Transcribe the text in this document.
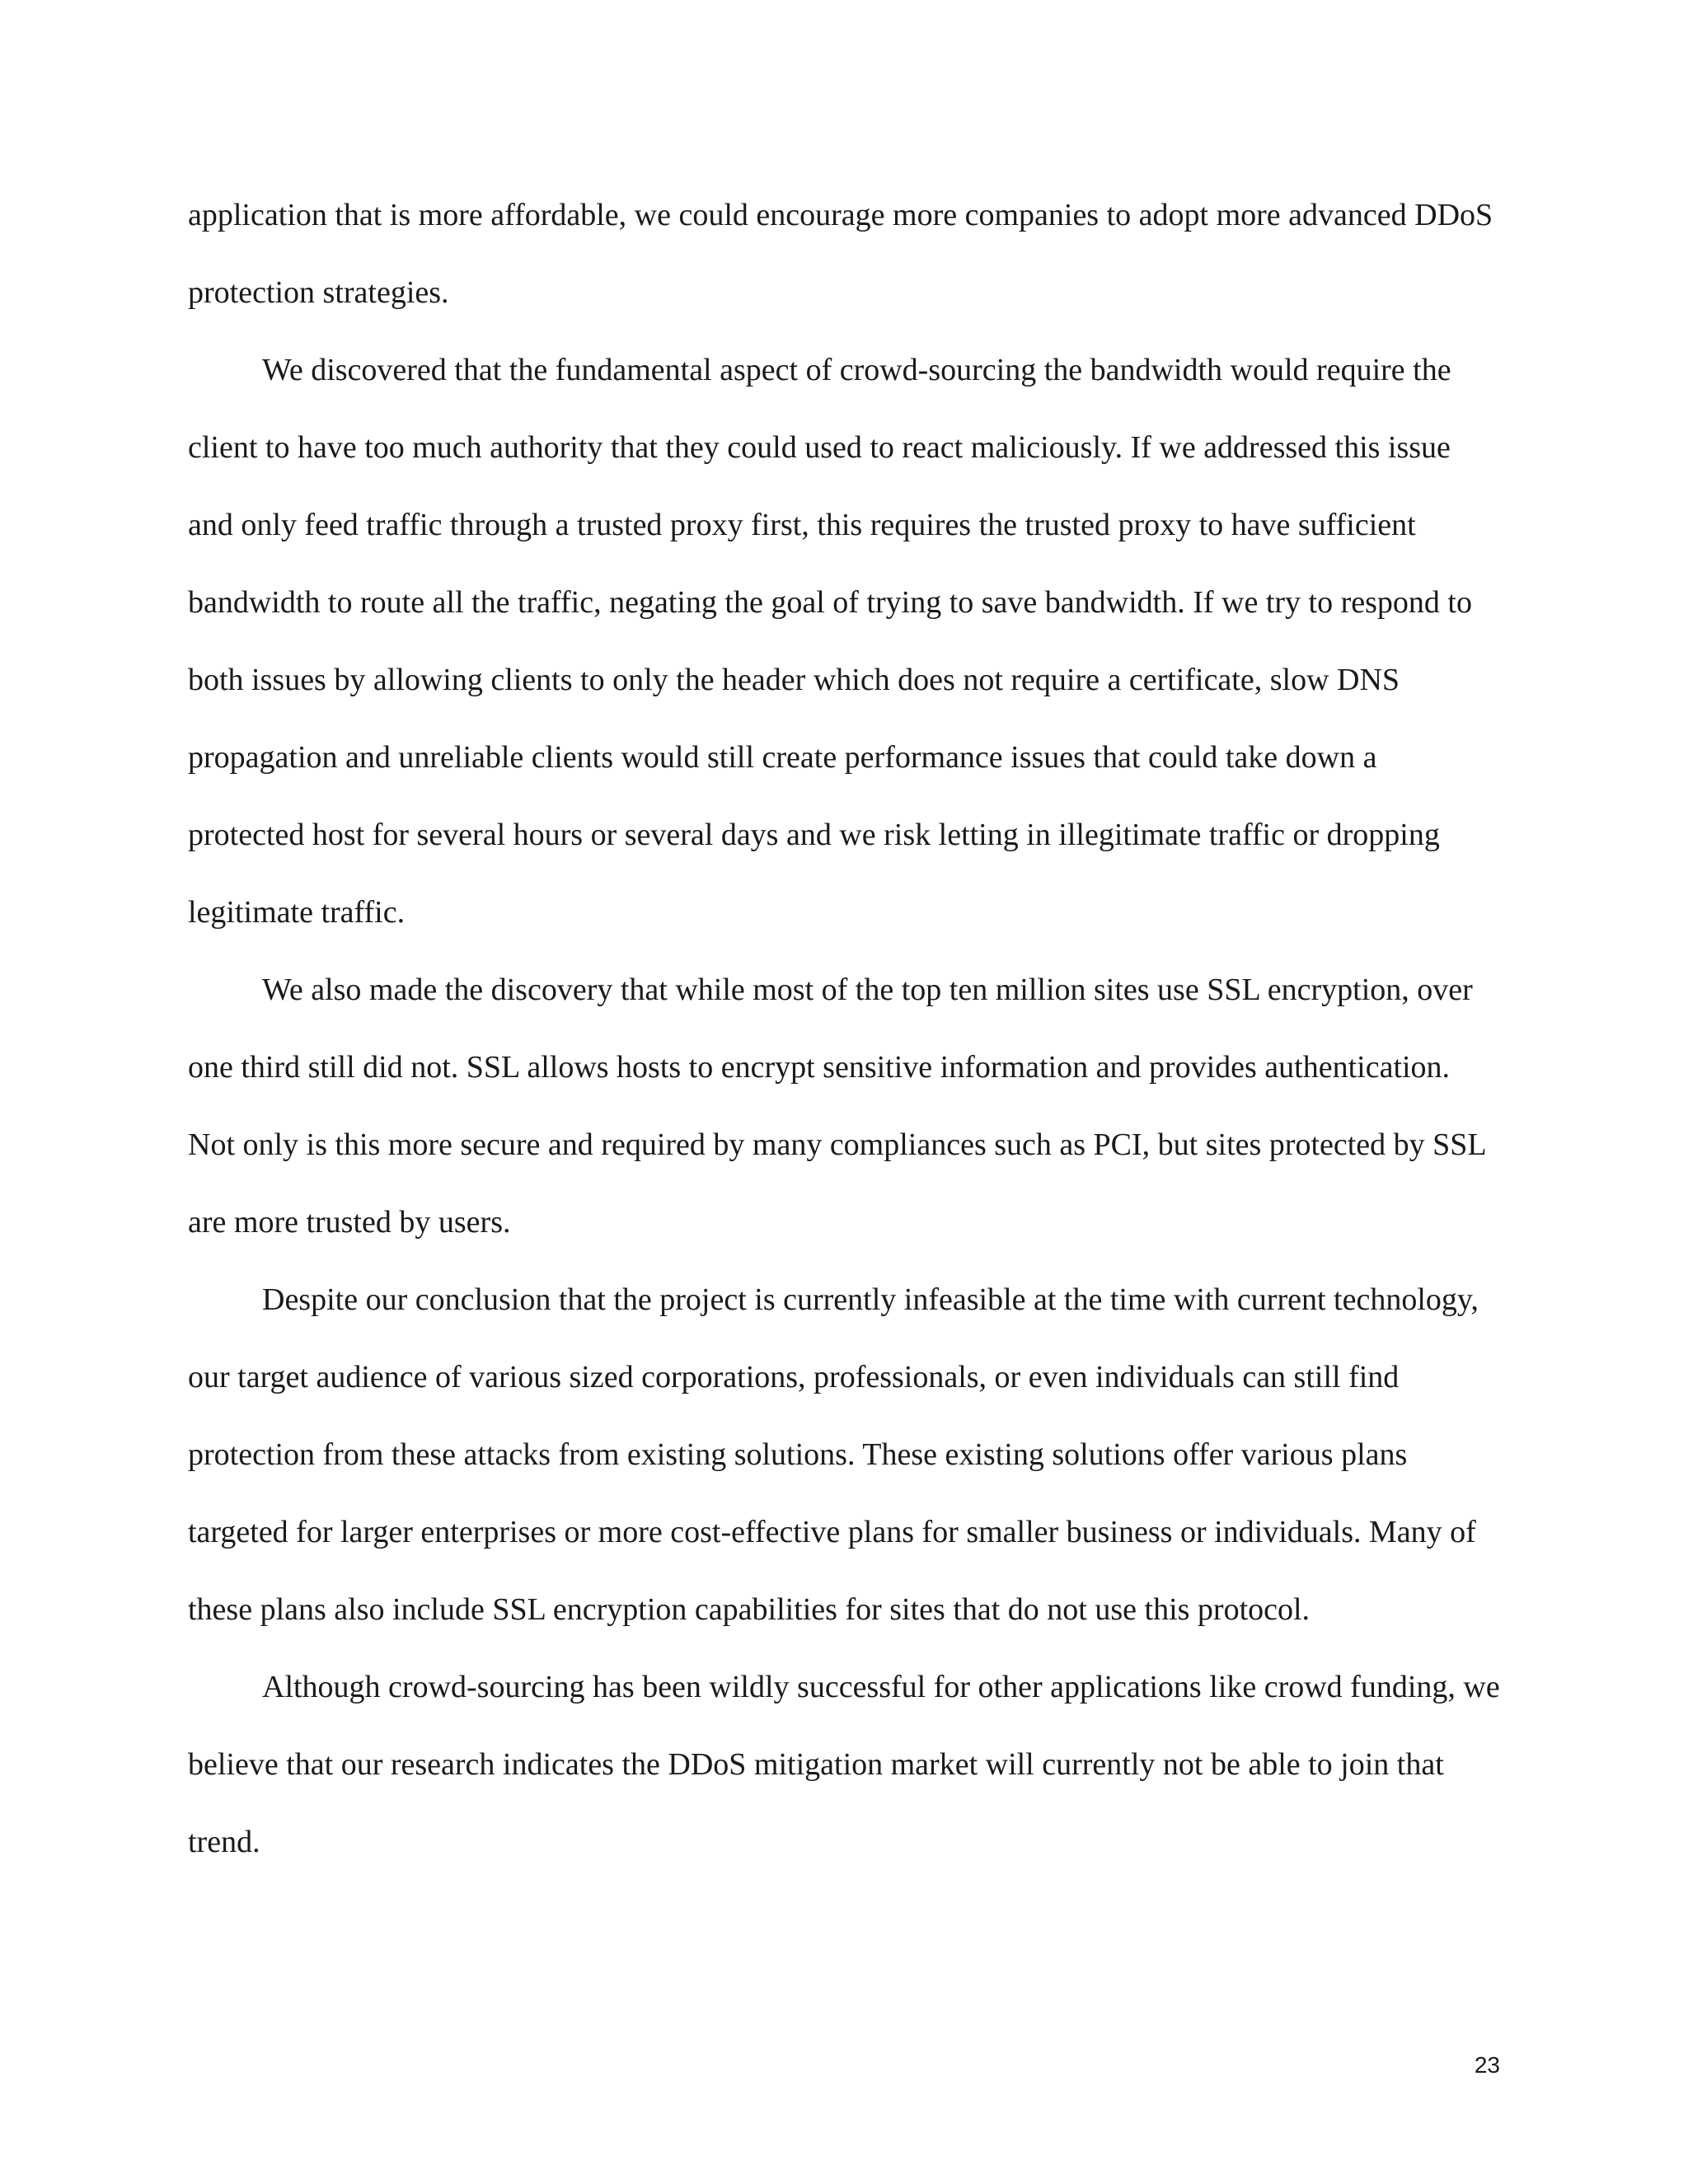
application that is more affordable, we could encourage more companies to adopt more advanced DDoS protection strategies.

We discovered that the fundamental aspect of crowd-sourcing the bandwidth would require the client to have too much authority that they could used to react maliciously. If we addressed this issue and only feed traffic through a trusted proxy first, this requires the trusted proxy to have sufficient bandwidth to route all the traffic, negating the goal of trying to save bandwidth. If we try to respond to both issues by allowing clients to only the header which does not require a certificate, slow DNS propagation and unreliable clients would still create performance issues that could take down a protected host for several hours or several days and we risk letting in illegitimate traffic or dropping legitimate traffic.

We also made the discovery that while most of the top ten million sites use SSL encryption, over one third still did not. SSL allows hosts to encrypt sensitive information and provides authentication. Not only is this more secure and required by many compliances such as PCI, but sites protected by SSL are more trusted by users.

Despite our conclusion that the project is currently infeasible at the time with current technology, our target audience of various sized corporations, professionals, or even individuals can still find protection from these attacks from existing solutions. These existing solutions offer various plans targeted for larger enterprises or more cost-effective plans for smaller business or individuals. Many of these plans also include SSL encryption capabilities for sites that do not use this protocol.

Although crowd-sourcing has been wildly successful for other applications like crowd funding, we believe that our research indicates the DDoS mitigation market will currently not be able to join that trend.

23
